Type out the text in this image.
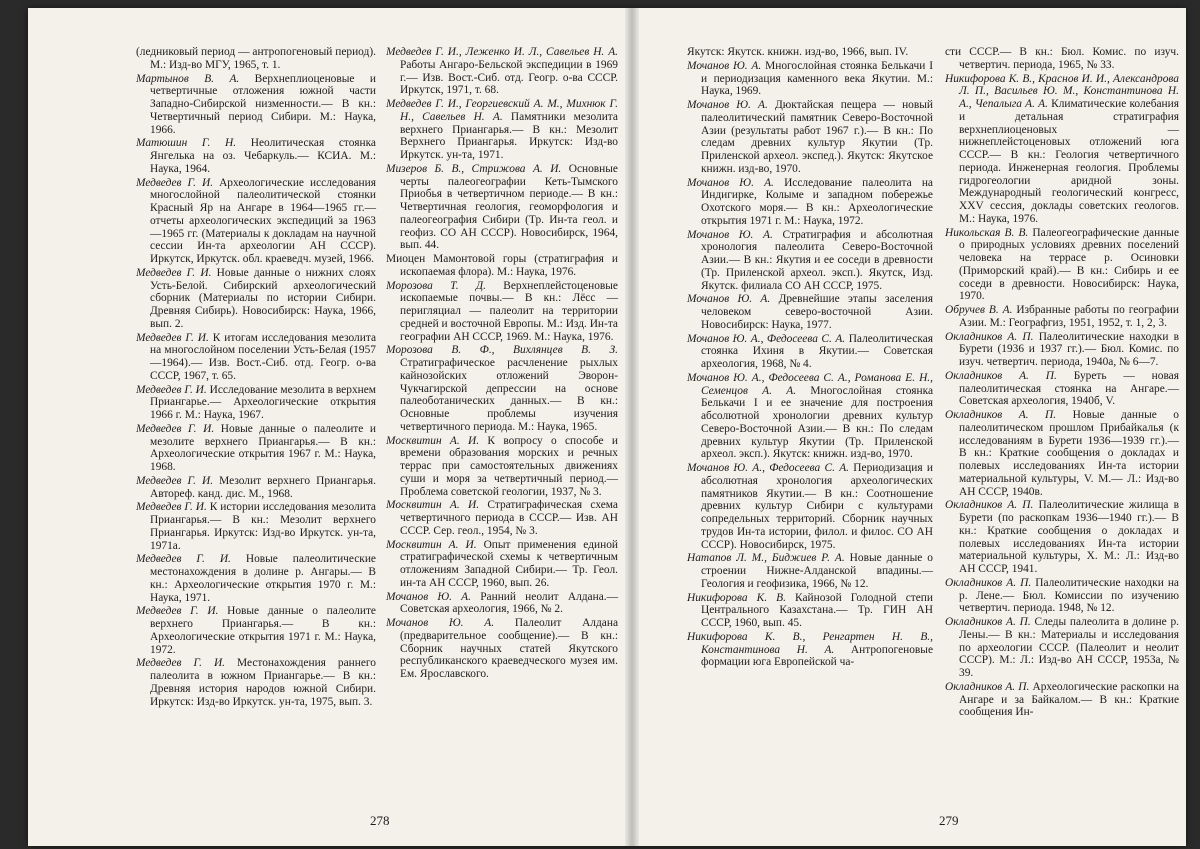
(ледниковый период — антропогеновый период). М.: Изд-во МГУ, 1965, т. 1.
Мартынов В. А. Верхнеплиоценовые и четвертичные отложения южной части Западно-Сибирской низменности.— В кн.: Четвертичный период Сибири. М.: Наука, 1966.
Матюшин Г. Н. Неолитическая стоянка Янгелька на оз. Чебаркуль.— КСИА. М.: Наука, 1964.
Медведев Г. И. Археологические исследования многослойной палеолитической стоянки Красный Яр на Ангаре в 1964—1965 гг.—отчеты археологических экспедиций за 1963—1965 гг. (Материалы к докладам на научной сессии Ин-та археологии АН СССР). Иркутск, Иркутск. обл. краеведч. музей, 1966.
Медведев Г. И. Новые данные о нижних слоях Усть-Белой. Сибирский археологический сборник (Материалы по истории Сибири. Древняя Сибирь). Новосибирск: Наука, 1966, вып. 2.
Медведев Г. И. К итогам исследования мезолита на многослойном поселении Усть-Белая (1957—1964).— Изв. Вост.-Сиб. отд. Геогр. о-ва СССР, 1967, т. 65.
Медведев Г. И. Исследование мезолита в верхнем Приангарье.— Археологические открытия 1966 г. М.: Наука, 1967.
Медведев Г. И. Новые данные о палеолите и мезолите верхнего Приангарья.— В кн.: Археологические открытия 1967 г. М.: Наука, 1968.
Медведев Г. И. Мезолит верхнего Приангарья. Автореф. канд. дис. М., 1968.
Медведев Г. И. К истории исследования мезолита Приангарья.— В кн.: Мезолит верхнего Приангарья. Иркутск: Изд-во Иркутск. ун-та, 1971а.
Медведев Г. И. Новые палеолитические местонахождения в долине р. Ангары.— В кн.: Археологические открытия 1970 г. М.: Наука, 1971.
Медведев Г. И. Новые данные о палеолите верхнего Приангарья.— В кн.: Археологические открытия 1971 г. М.: Наука, 1972.
Медведев Г. И. Местонахождения раннего палеолита в южном Приангарье.— В кн.: Древняя история народов южной Сибири. Иркутск: Изд-во Иркутск. ун-та, 1975, вып. 3.
Медведев Г. И., Леженко И. Л., Савельев Н. А. Работы Ангаро-Бельской экспедиции в 1969 г.— Изв. Вост.-Сиб. отд. Геогр. о-ва СССР. Иркутск, 1971, т. 68.
Медведев Г. И., Георгиевский А. М., Михнюк Г. Н., Савельев Н. А. Памятники мезолита верхнего Приангарья.— В кн.: Мезолит Верхнего Приангарья. Иркутск: Изд-во Иркутск. ун-та, 1971.
Мизеров Б. В., Стрижова А. И. Основные черты палеогеографии Кеть-Тымского Приобья в четвертичном периоде.— В кн.: Четвертичная геология, геоморфология и палеогеография Сибири (Тр. Ин-та геол. и геофиз. СО АН СССР). Новосибирск, 1964, вып. 44.
Миоцен Мамонтовой горы (стратиграфия и ископаемая флора). М.: Наука, 1976.
Морозова Т. Д. Верхнеплейстоценовые ископаемые почвы.— В кн.: Лёсс — перигляциал — палеолит на территории средней и восточной Европы. М.: Изд. Ин-та географии АН СССР, 1969. М.: Наука, 1976.
Морозова В. Ф., Вихлянцев В. З. Стратиграфическое расчленение рыхлых кайнозойских отложений Эворон-Чукчагирской депрессии на основе палеоботанических данных.— В кн.: Основные проблемы изучения четвертичного периода. М.: Наука, 1965.
Москвитин А. И. К вопросу о способе и времени образования морских и речных террас при самостоятельных движениях суши и моря за четвертичный период.— Проблема советской геологии, 1937, № 3.
Москвитин А. И. Стратиграфическая схема четвертичного периода в СССР.— Изв. АН СССР. Сер. геол., 1954, № 3.
Москвитин А. И. Опыт применения единой стратиграфической схемы к четвертичным отложениям Западной Сибири.— Тр. Геол. ин-та АН СССР, 1960, вып. 26.
Мочанов Ю. А. Ранний неолит Алдана.— Советская археология, 1966, № 2.
Мочанов Ю. А. Палеолит Алдана (предварительное сообщение).— В кн.: Сборник научных статей Якутского республиканского краеведческого музея им. Ем. Ярославского.
278
Якутск: Якутск. книжн. изд-во, 1966, вып. IV.
Мочанов Ю. А. Многослойная стоянка Белькачи I и периодизация каменного века Якутии. М.: Наука, 1969.
Мочанов Ю. А. Дюктайская пещера — новый палеолитический памятник Северо-Восточной Азии (результаты работ 1967 г.).— В кн.: По следам древних культур Якутии (Тр. Приленской археол. экспед.). Якутск: Якутское книжн. изд-во, 1970.
Мочанов Ю. А. Исследование палеолита на Индигирке, Колыме и западном побережье Охотского моря.— В кн.: Археологические открытия 1971 г. М.: Наука, 1972.
Мочанов Ю. А. Стратиграфия и абсолютная хронология палеолита Северо-Восточной Азии.— В кн.: Якутия и ее соседи в древности (Тр. Приленской археол. эксп.). Якутск, Изд. Якутск. филиала СО АН СССР, 1975.
Мочанов Ю. А. Древнейшие этапы заселения человеком северо-восточной Азии. Новосибирск: Наука, 1977.
Мочанов Ю. А., Федосеева С. А. Палеолитическая стоянка Ихиня в Якутии.— Советская археология, 1968, № 4.
Мочанов Ю. А., Федосеева С. А., Романова Е. Н., Семенцов А. А. Многослойная стоянка Белькачи I и ее значение для построения абсолютной хронологии древних культур Северо-Восточной Азии.— В кн.: По следам древних культур Якутии (Тр. Приленской археол. эксп.). Якутск: книжн. изд-во, 1970.
Мочанов Ю. А., Федосеева С. А. Периодизация и абсолютная хронология археологических памятников Якутии.— В кн.: Соотношение древних культур Сибири с культурами сопредельных территорий. Сборник научных трудов Ин-та истории, филол. и филос. СО АН СССР). Новосибирск, 1975.
Натапов Л. М., Биджиев Р. А. Новые данные о строении Нижне-Алданской впадины.— Геология и геофизика, 1966, № 12.
Никифорова К. В. Кайнозой Голодной степи Центрального Казахстана.— Тр. ГИН АН СССР, 1960, вып. 45.
Никифорова К. В., Ренгартен Н. В., Константинова Н. А. Антропогеновые формации юга Европейской ча-
сти СССР.— В кн.: Бюл. Комис. по изуч. четвертич. периода, 1965, № 33.
Никифорова К. В., Краснов И. И., Александрова Л. П., Васильев Ю. М., Константинова Н. А., Чепалыга А. А. Климатические колебания и детальная стратиграфия верхнеплиоценовых — нижнеплейстоценовых отложений юга СССР.— В кн.: Геология четвертичного периода. Инженерная геология. Проблемы гидрогеологии аридной зоны. Международный геологический конгресс, XXV сессия, доклады советских геологов. М.: Наука, 1976.
Никольская В. В. Палеогеографические данные о природных условиях древних поселений человека на террасе р. Осиновки (Приморский край).— В кн.: Сибирь и ее соседи в древности. Новосибирск: Наука, 1970.
Обручев В. А. Избранные работы по географии Азии. М.: Географгиз, 1951, 1952, т. 1, 2, 3.
Окладников А. П. Палеолитические находки в Бурети (1936 и 1937 гг.).— Бюл. Комис. по изуч. четвертич. периода, 1940а, № 6—7.
Окладников А. П. Буреть — новая палеолитическая стоянка на Ангаре.— Советская археология, 1940б, V.
Окладников А. П. Новые данные о палеолитическом прошлом Прибайкалья (к исследованиям в Бурети 1936—1939 гг.).— В кн.: Краткие сообщения о докладах и полевых исследованиях Ин-та истории материальной культуры, V. М.— Л.: Изд-во АН СССР, 1940в.
Окладников А. П. Палеолитические жилища в Бурети (по раскопкам 1936—1940 гг.).— В кн.: Краткие сообщения о докладах и полевых исследованиях Ин-та истории материальной культуры, Х. М.: Л.: Изд-во АН СССР, 1941.
Окладников А. П. Палеолитические находки на р. Лене.— Бюл. Комиссии по изучению четвертич. периода. 1948, № 12.
Окладников А. П. Следы палеолита в долине р. Лены.— В кн.: Материалы и исследования по археологии СССР. (Палеолит и неолит СССР). М.: Л.: Изд-во АН СССР, 1953а, № 39.
Окладников А. П. Археологические раскопки на Ангаре и за Байкалом.— В кн.: Краткие сообщения Ин-
279
